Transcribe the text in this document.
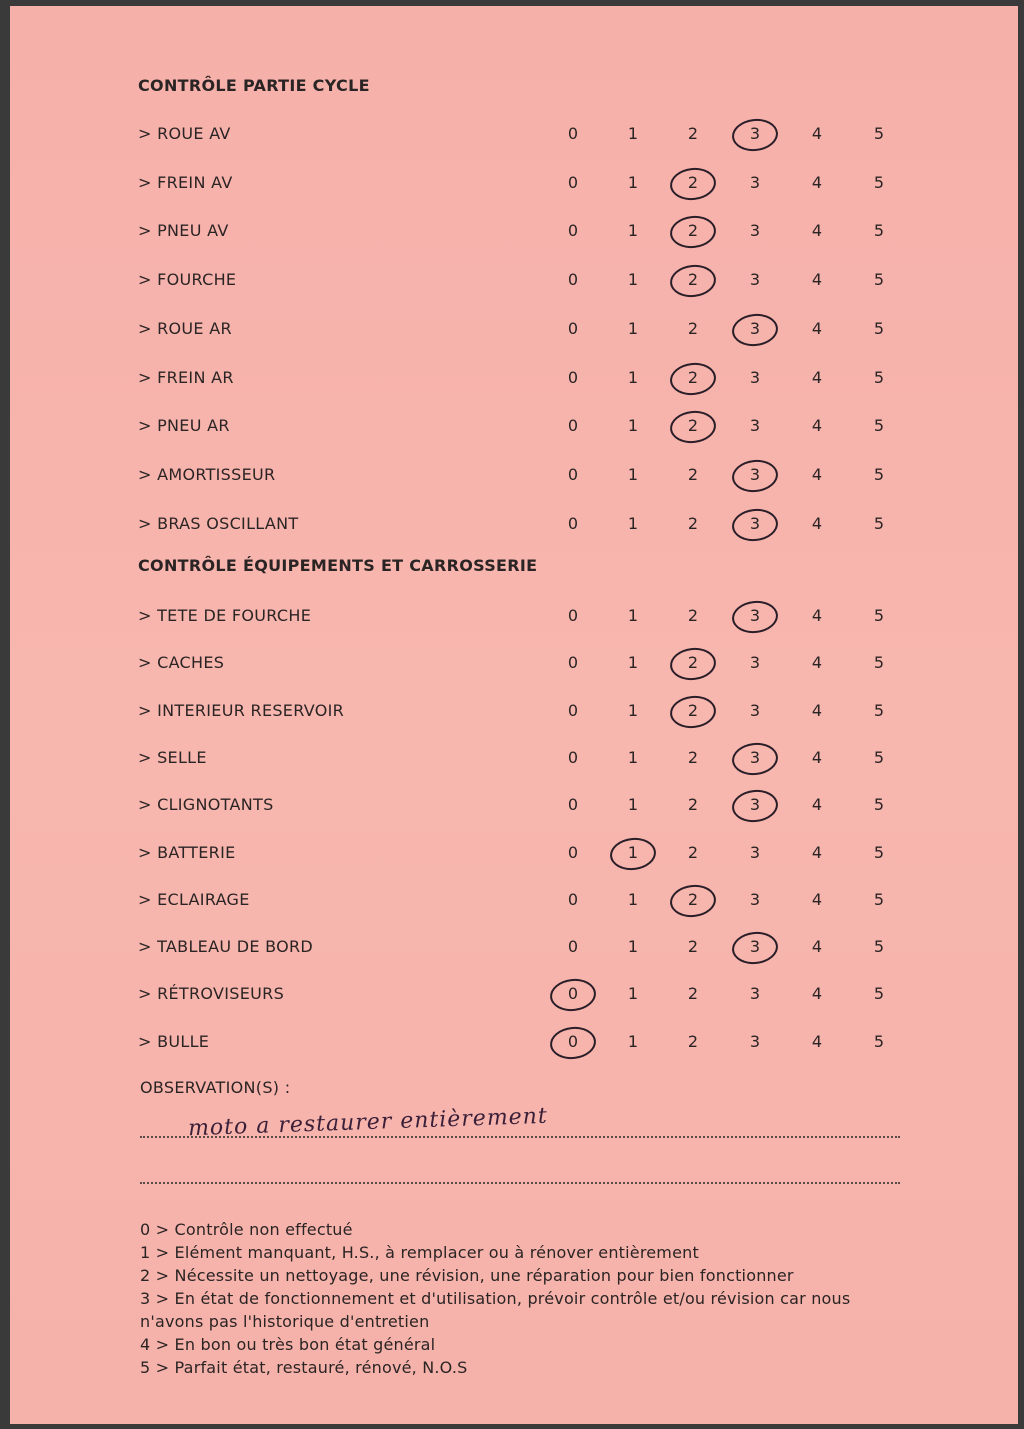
CONTRÔLE PARTIE CYCLE
> ROUE AV	0	1	2	3	4	5
> FREIN AV	0	1	2	3	4	5
> PNEU AV	0	1	2	3	4	5
> FOURCHE	0	1	2	3	4	5
> ROUE AR	0	1	2	3	4	5
> FREIN AR	0	1	2	3	4	5
> PNEU AR	0	1	2	3	4	5
> AMORTISSEUR	0	1	2	3	4	5
> BRAS OSCILLANT	0	1	2	3	4	5
CONTRÔLE ÉQUIPEMENTS ET CARROSSERIE
> TETE DE FOURCHE	0	1	2	3	4	5
> CACHES	0	1	2	3	4	5
> INTERIEUR RESERVOIR	0	1	2	3	4	5
> SELLE	0	1	2	3	4	5
> CLIGNOTANTS	0	1	2	3	4	5
> BATTERIE	0	1	2	3	4	5
> ECLAIRAGE	0	1	2	3	4	5
> TABLEAU DE BORD	0	1	2	3	4	5
> RÉTROVISEURS	0	1	2	3	4	5
> BULLE	0	1	2	3	4	5
OBSERVATION(S) :
moto a restaurer entièrement
0 > Contrôle non effectué
1 > Elément manquant, H.S., à remplacer ou à rénover entièrement
2 > Nécessite un nettoyage, une révision, une réparation pour bien fonctionner
3 > En état de fonctionnement et d'utilisation, prévoir contrôle et/ou révision car nous
n'avons pas l'historique d'entretien
4 > En bon ou très bon état général
5 > Parfait état, restauré, rénové, N.O.S
